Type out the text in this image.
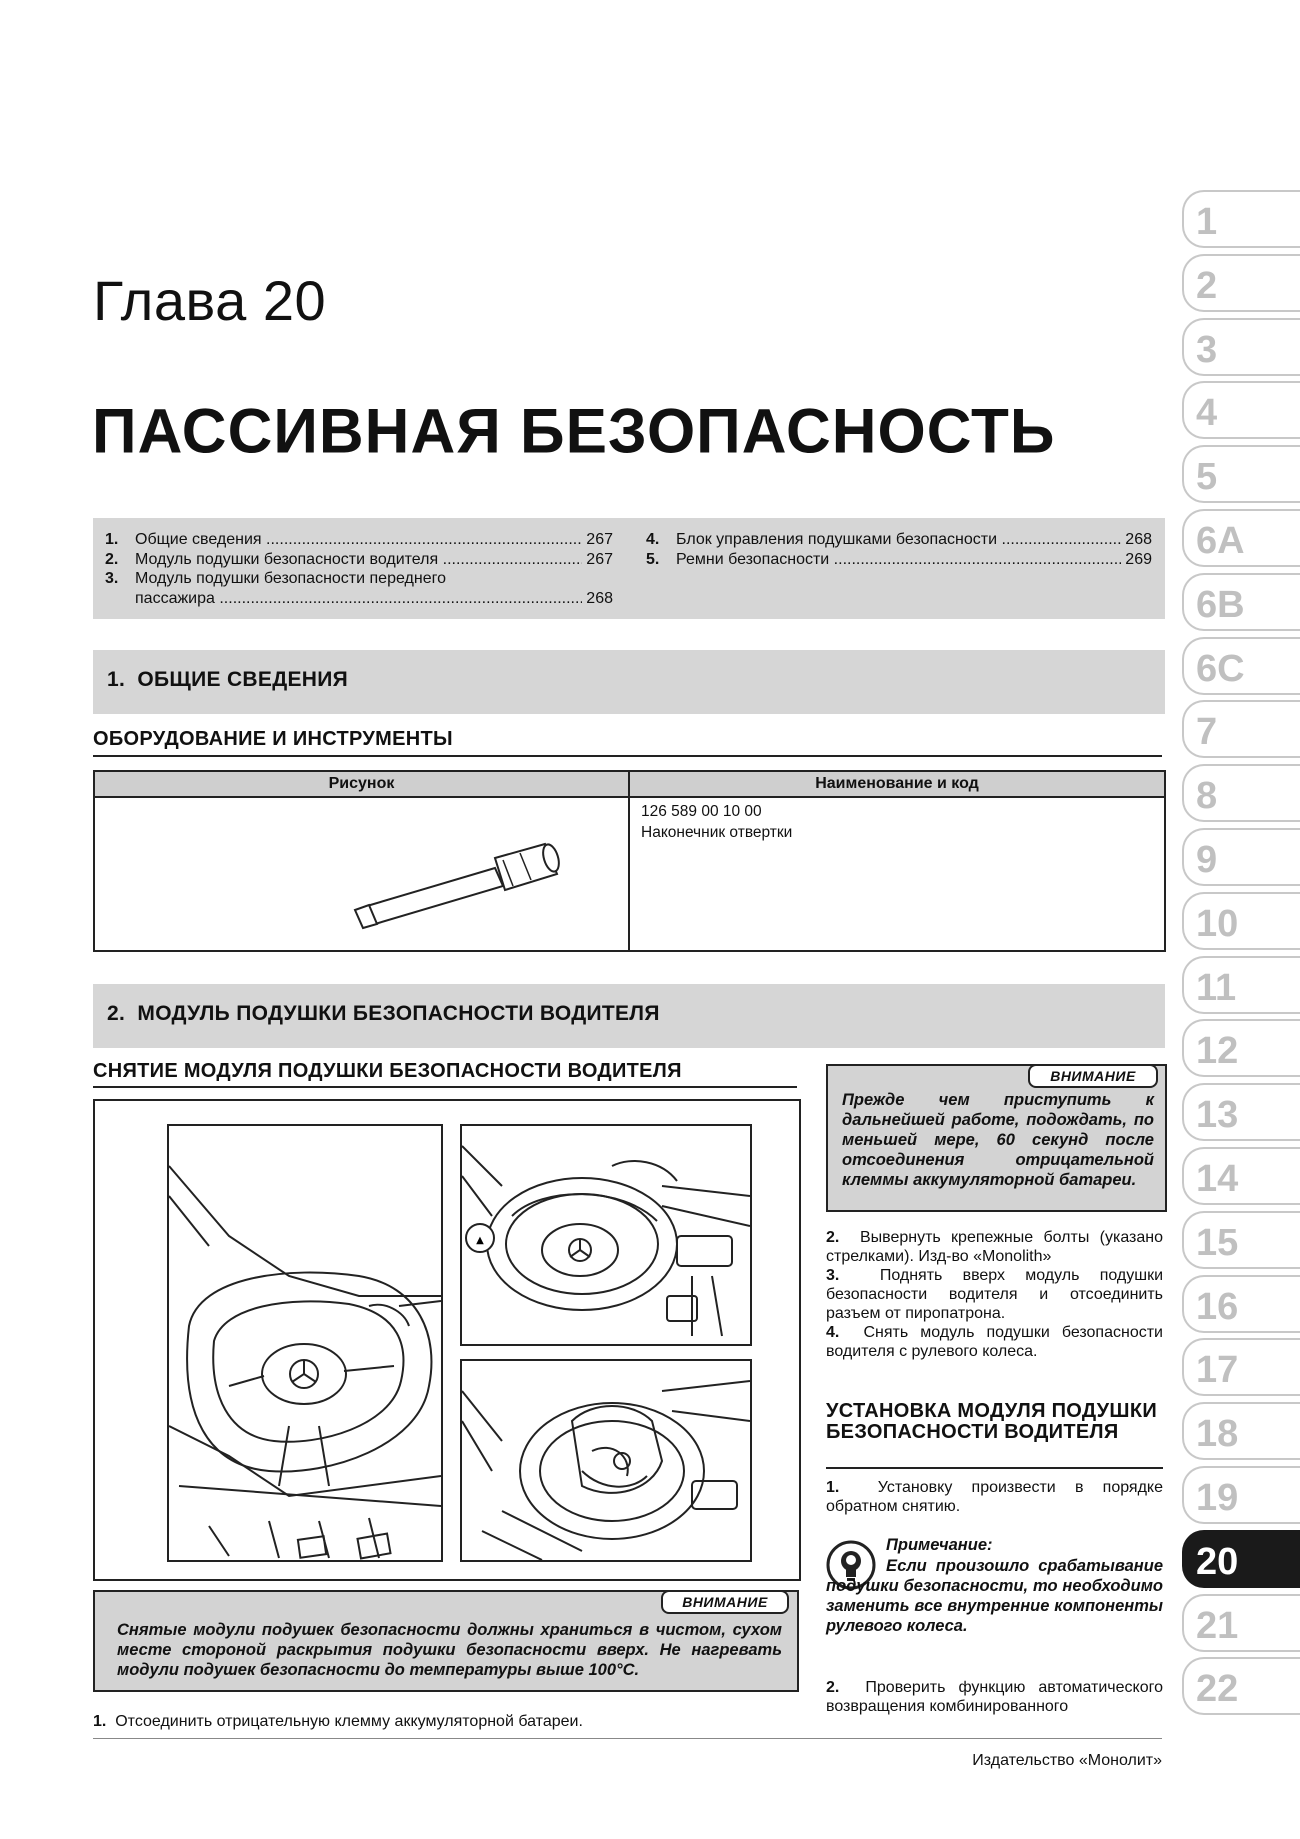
Глава 20
ПАССИВНАЯ БЕЗОПАСНОСТЬ
1.	Общие сведения .....	267
2.	Модуль подушки безопасности водителя .....	267
3.	Модуль подушки безопасности переднего
пассажира .....	268
4.	Блок управления подушками безопасности .....	268
5.	Ремни безопасности .....	269
1. ОБЩИЕ СВЕДЕНИЯ
ОБОРУДОВАНИЕ И ИНСТРУМЕНТЫ
Рисунок	Наименование и код
126 589 00 10 00
Наконечник отвертки
2. МОДУЛЬ ПОДУШКИ БЕЗОПАСНОСТИ ВОДИТЕЛЯ
СНЯТИЕ МОДУЛЯ ПОДУШКИ БЕЗОПАСНОСТИ ВОДИТЕЛЯ
▲
ВНИМАНИЕ
Снятые модули подушек безопасности должны храниться в чистом, сухом месте стороной раскрытия подушки безопасности вверх. Не нагревать модули подушек безопасности до температуры выше 100°С.
1. Отсоединить отрицательную клемму аккумуляторной батареи.
ВНИМАНИЕ
Прежде чем приступить к дальнейшей работе, подождать, по меньшей мере, 60 секунд после отсоединения отрицательной клеммы аккумуляторной батареи.
2. Вывернуть крепежные болты (указано стрелками). Изд-во «Monolith»
3.	Поднять вверх модуль подушки безопасности водителя и отсоединить разъем от пиропатрона.
4. Снять модуль подушки безопасности водителя с рулевого колеса.
УСТАНОВКА МОДУЛЯ ПОДУШКИ БЕЗОПАСНОСТИ ВОДИТЕЛЯ
1. Установку произвести в порядке обратном снятию.
Примечание:
Если произошло срабатывание подушки безопасности, то необходимо заменить все внутренние компоненты рулевого колеса.
2. Проверить функцию автоматического возвращения комбинированного
Издательство «Монолит»
1
2
3
4
5
6A
6B
6C
7
8
9
10
11
12
13
14
15
16
17
18
19
20
21
22
